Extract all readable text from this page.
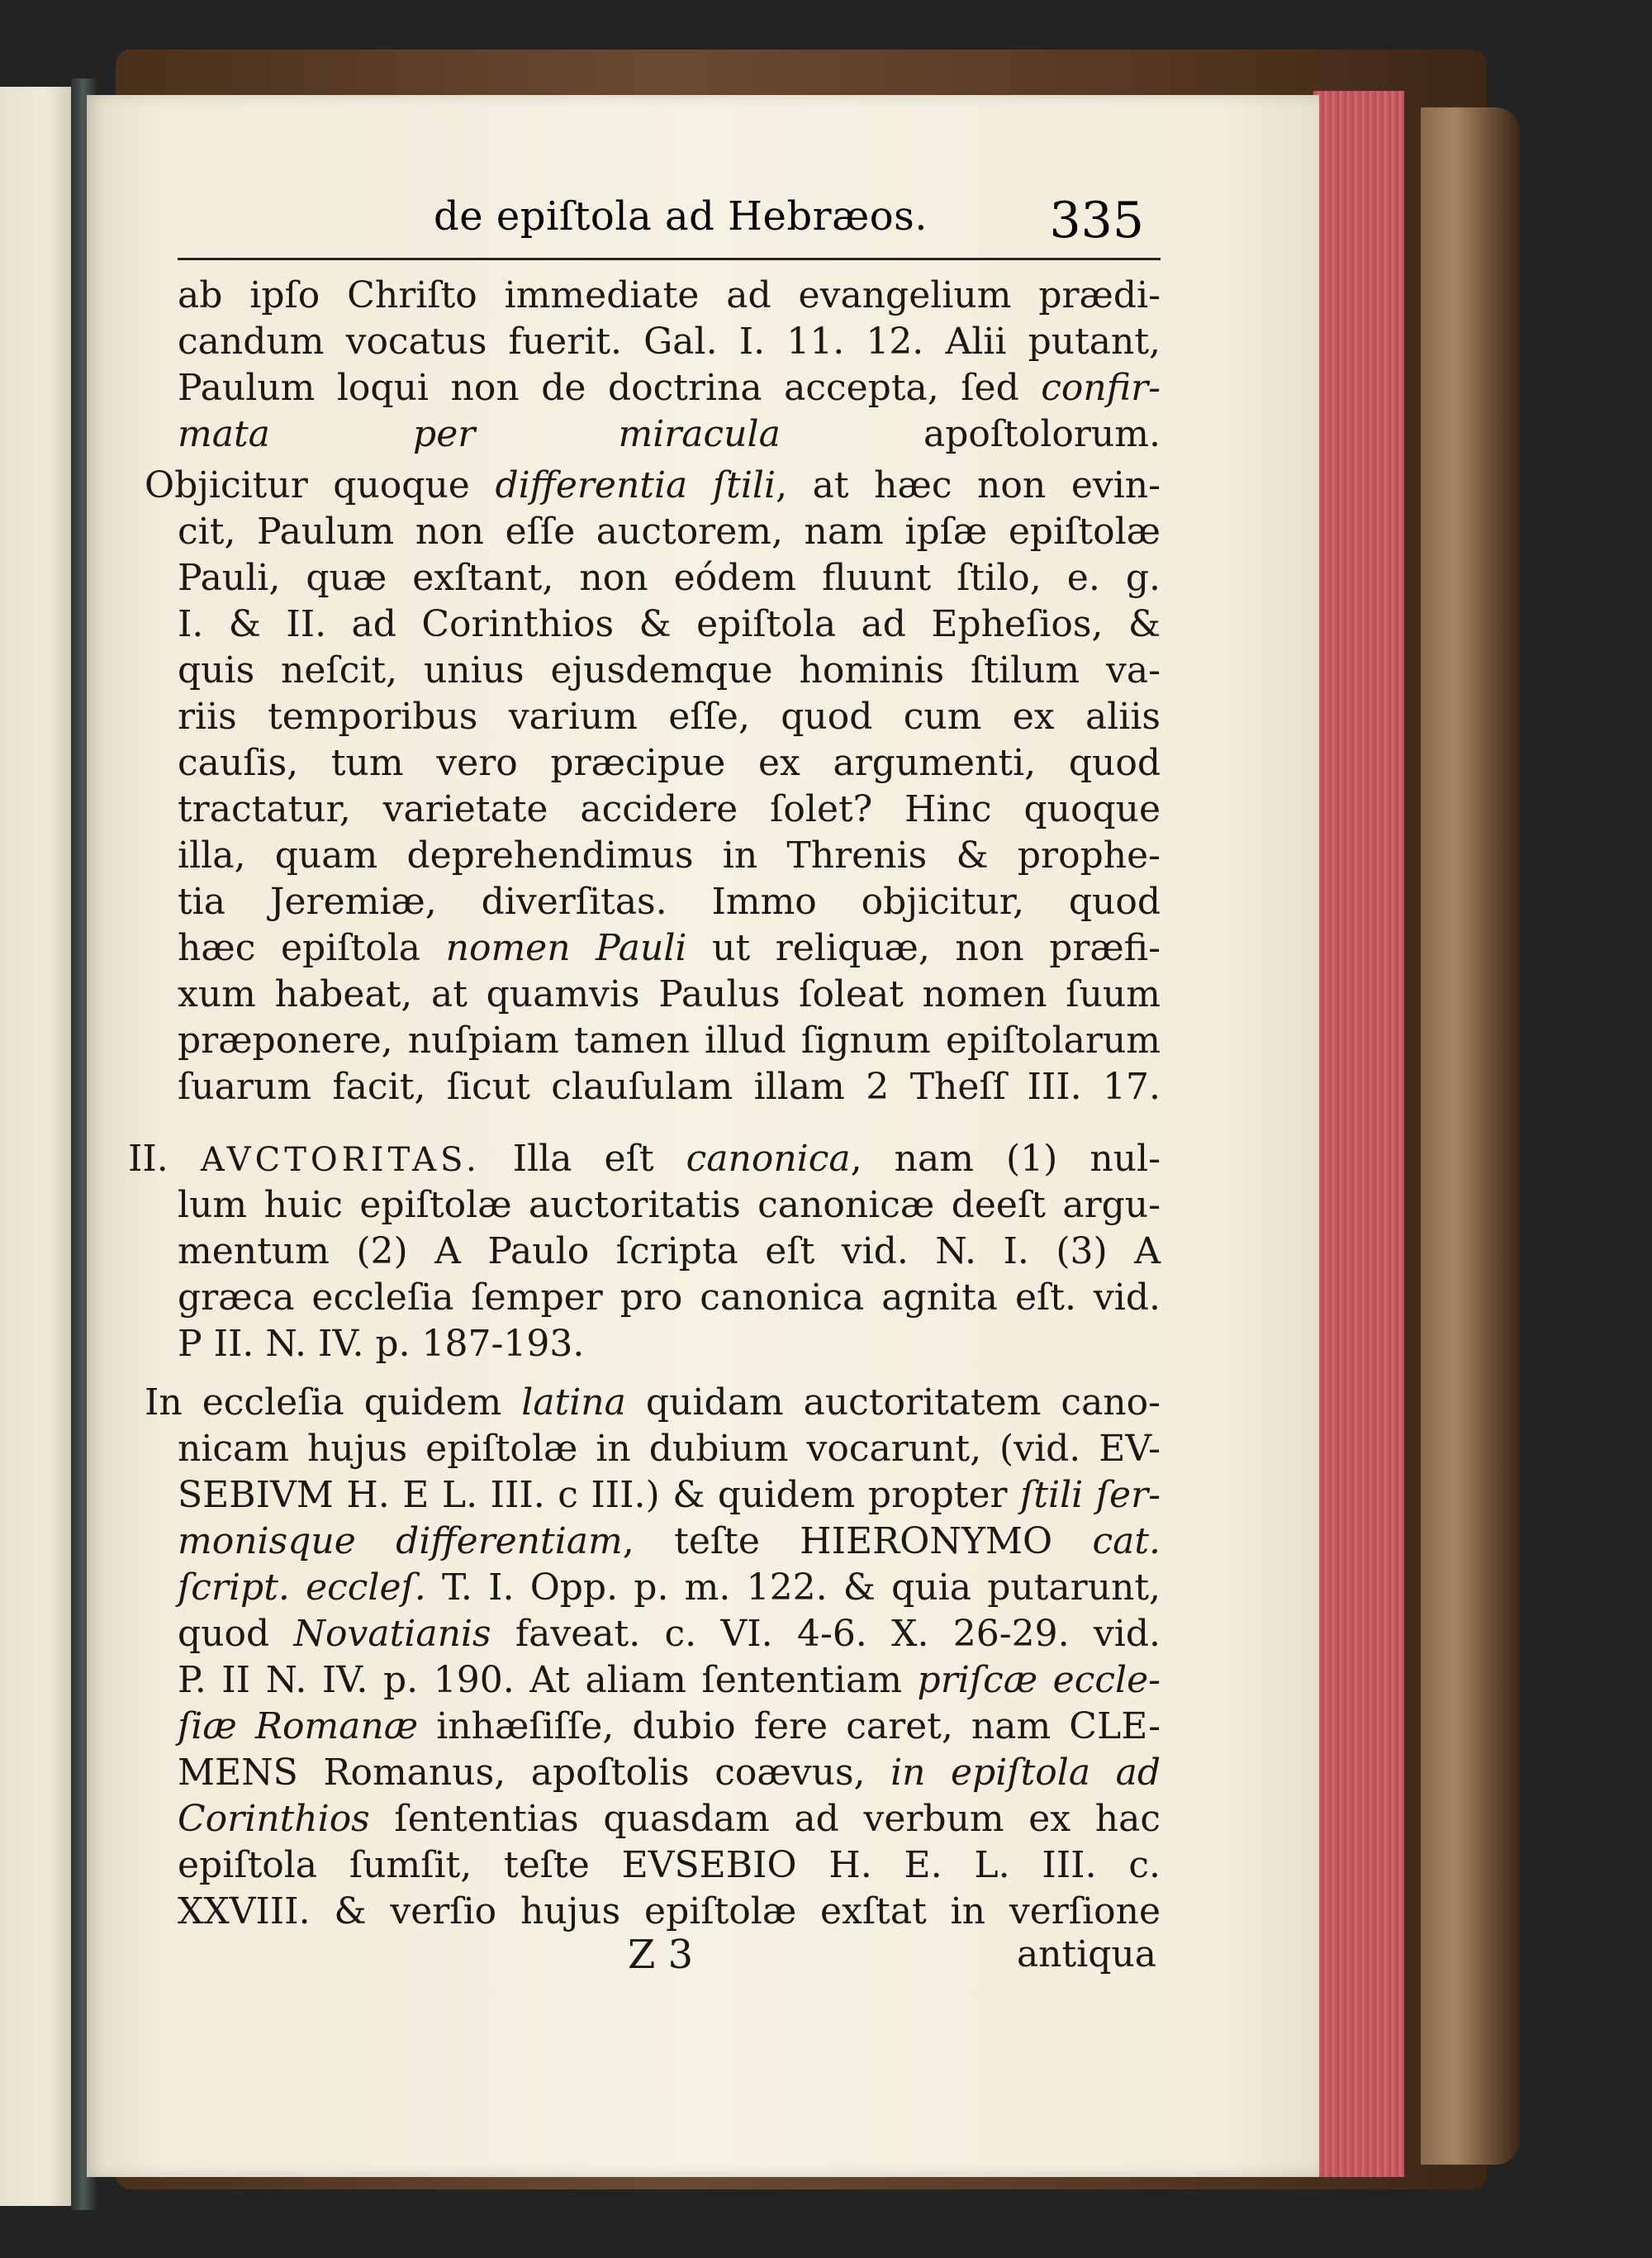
de epiſtola ad Hebræos. 335
ab ipſo Chriſto immediate ad evangelium prædi-
candum vocatus fuerit. Gal. I. 11. 12. Alii putant,
Paulum loqui non de doctrina accepta, ſed confir-
mata per miracula apoſtolorum.
Objicitur quoque differentia ſtili, at hæc non evin-
cit, Paulum non eſſe auctorem, nam ipſæ epiſtolæ
Pauli, quæ exſtant, non eódem fluunt ſtilo, e. g.
I. & II. ad Corinthios & epiſtola ad Epheſios, &
quis neſcit, unius ejusdemque hominis ſtilum va-
riis temporibus varium eſſe, quod cum ex aliis
cauſis, tum vero præcipue ex argumenti, quod
tractatur, varietate accidere ſolet? Hinc quoque
illa, quam deprehendimus in Threnis & prophe-
tia Jeremiæ, diverſitas. Immo objicitur, quod
hæc epiſtola nomen Pauli ut reliquæ, non præfi-
xum habeat, at quamvis Paulus ſoleat nomen ſuum
præponere, nuſpiam tamen illud ſignum epiſtolarum
ſuarum facit, ſicut clauſulam illam 2 Theſſ III. 17.
II. AVCTORITAS. Illa eſt canonica, nam (1) nul-
lum huic epiſtolæ auctoritatis canonicæ deeſt argu-
mentum (2) A Paulo ſcripta eſt vid. N. I. (3) A
græca eccleſia ſemper pro canonica agnita eſt. vid.
P II. N. IV. p. 187-193.
In eccleſia quidem latina quidam auctoritatem cano-
nicam hujus epiſtolæ in dubium vocarunt, (vid. EV-
SEBIVM H. E L. III. c III.) & quidem propter ſtili ſer-
monisque differentiam, teſte HIERONYMO cat.
ſcript. eccleſ. T. I. Opp. p. m. 122. & quia putarunt,
quod Novatianis faveat. c. VI. 4-6. X. 26-29. vid.
P. II N. IV. p. 190. At aliam ſententiam priſcæ eccle-
ſiæ Romanæ inhæſiſſe, dubio fere caret, nam CLE-
MENS Romanus, apoſtolis coævus, in epiſtola ad
Corinthios ſententias quasdam ad verbum ex hac
epiſtola ſumſit, teſte EVSEBIO H. E. L. III. c.
XXVIII. & verſio hujus epiſtolæ exſtat in verſione
Z 3	antiqua
